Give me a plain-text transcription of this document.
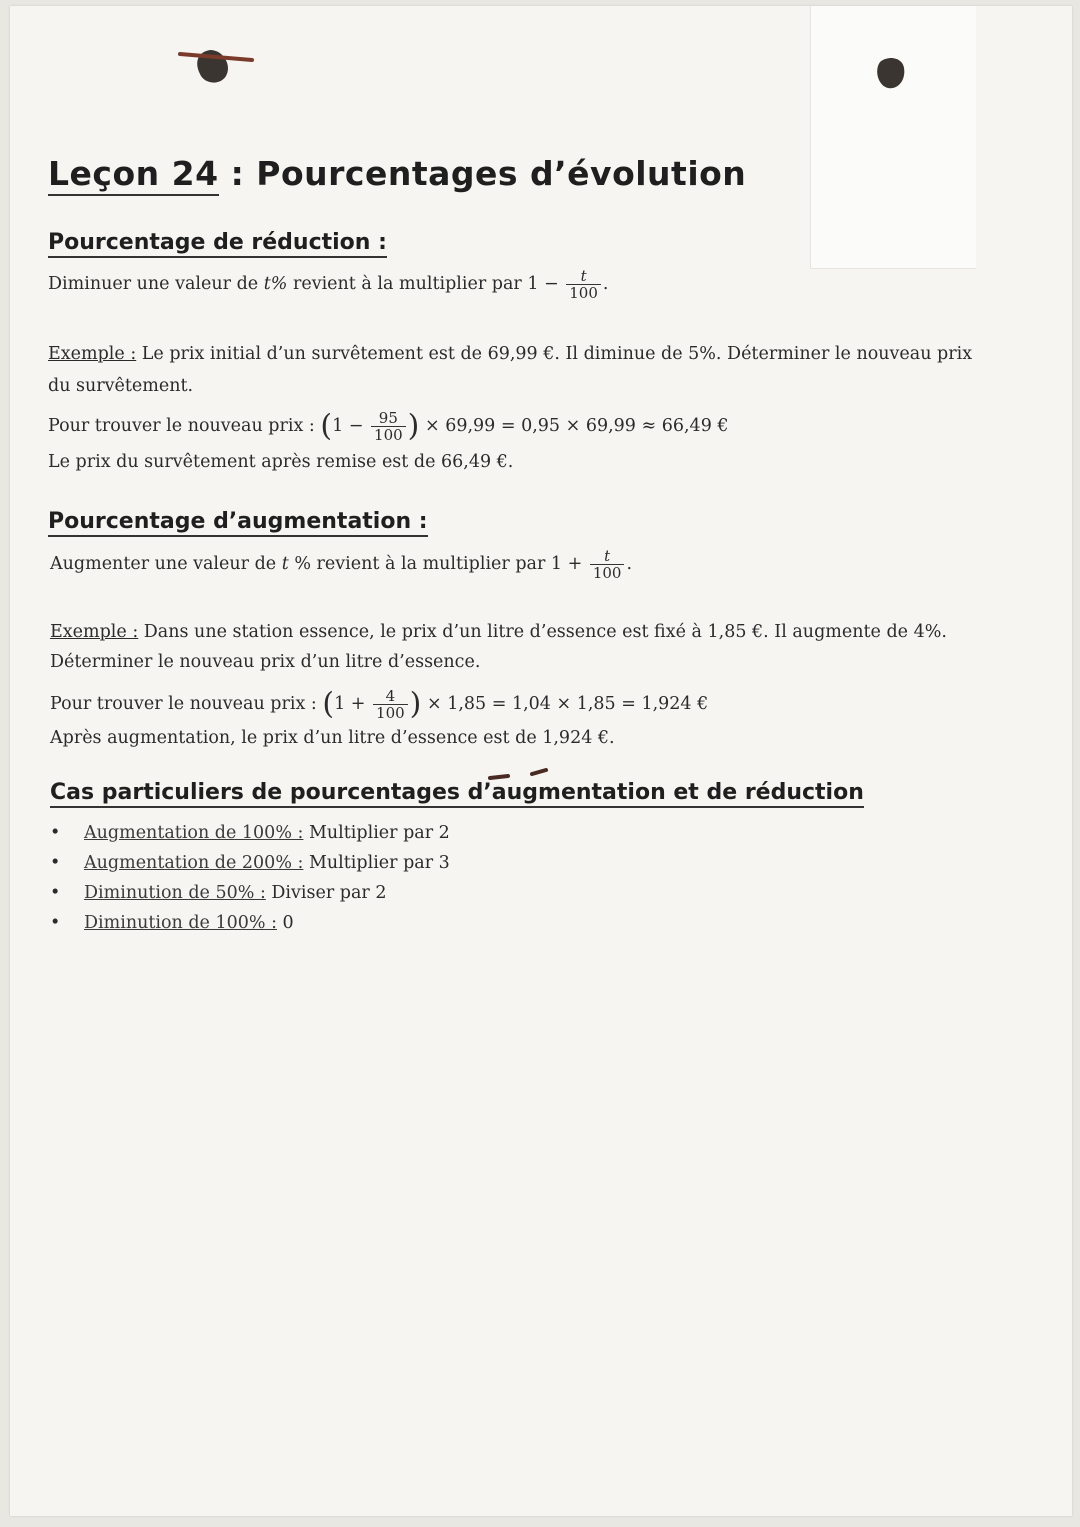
Leçon 24 : Pourcentages d’évolution
Pourcentage de réduction :

Diminuer une valeur de t% revient à la multiplier par $1 - \frac{t}{100}$ .

Exemple : Le prix initial d’un survêtement est de 69,99 €. Il diminue de 5%. Déterminer le nouveau prix

du survêtement.

Pour trouver le nouveau prix : ($1 - \frac{95}{100}$ ) × 69,99 = 0,95 × 69,99 ≈ 66,49 €

Le prix du survêtement après remise est de 66,49 €.

Pourcentage d’augmentation :

Augmenter une valeur de t % revient à la multiplier par $1 + \frac{t}{100}$ .

Exemple : Dans une station essence, le prix d’un litre d’essence est fixé à 1,85 €. Il augmente de 4%.

Déterminer le nouveau prix d’un litre d’essence.

Pour trouver le nouveau prix : ($1 + \frac{4}{100}$ ) × 1,85 = 1,04 × 1,85 = 1,924 €

Après augmentation, le prix d’un litre d’essence est de 1,924 €.

Cas particuliers de pourcentages d’augmentation et de réduction
• Augmentation de 100% : Multiplier par 2
• Augmentation de 200% : Multiplier par 3
• Diminution de 50% : Diviser par 2
• Diminution de 100% : 0
